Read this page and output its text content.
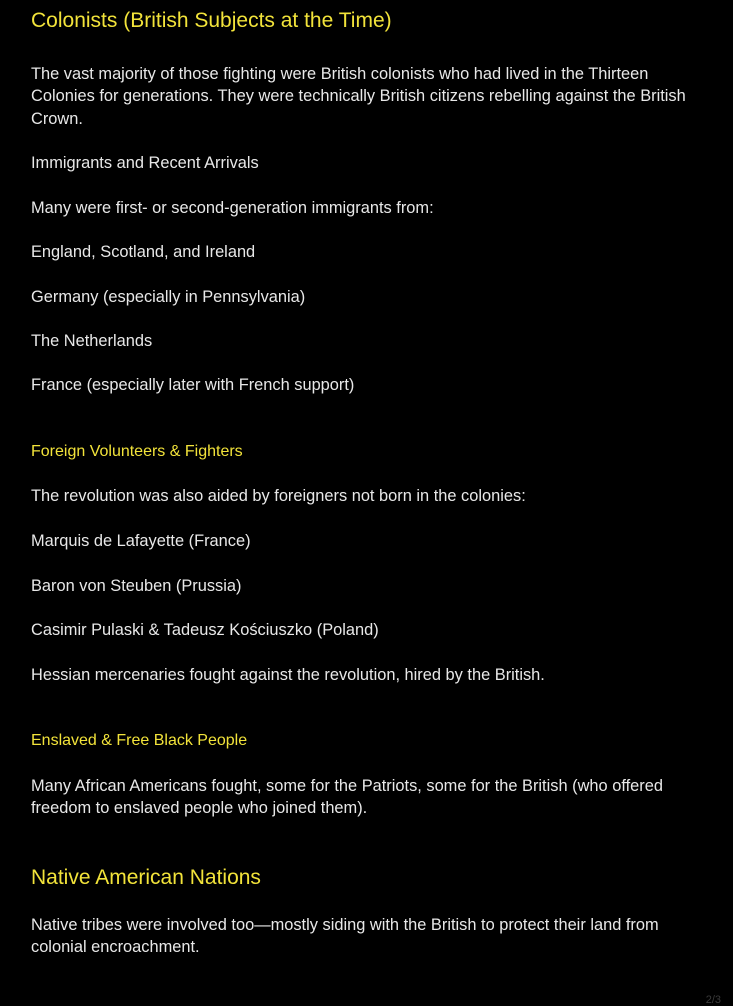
Colonists (British Subjects at the Time)

The vast majority of those fighting were British colonists who had lived in the Thirteen Colonies for generations. They were technically British citizens rebelling against the British Crown.

Immigrants and Recent Arrivals

Many were first- or second-generation immigrants from:

England, Scotland, and Ireland

Germany (especially in Pennsylvania)

The Netherlands

France (especially later with French support)

Foreign Volunteers & Fighters

The revolution was also aided by foreigners not born in the colonies:

Marquis de Lafayette (France)

Baron von Steuben (Prussia)

Casimir Pulaski & Tadeusz Kościuszko (Poland)

Hessian mercenaries fought against the revolution, hired by the British.

Enslaved & Free Black People

Many African Americans fought, some for the Patriots, some for the British (who offered freedom to enslaved people who joined them).

Native American Nations

Native tribes were involved too—mostly siding with the British to protect their land from colonial encroachment.

2/3
